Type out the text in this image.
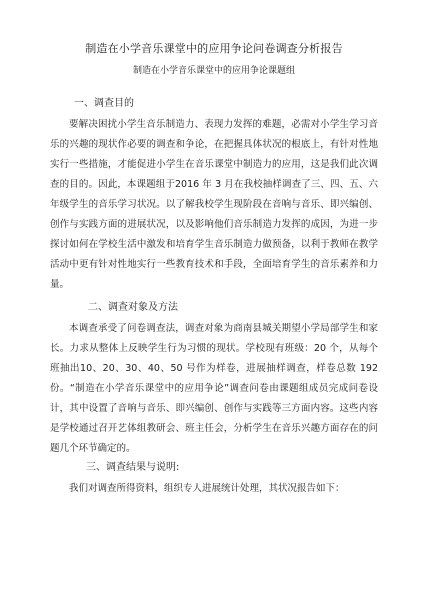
制造在小学音乐课堂中的应用争论问卷调查分析报告
制造在小学音乐课堂中的应用争论课题组
一、调查目的

要解决困扰小学生音乐制造力、表现力发挥的难题，必需对小学生学习音乐的兴趣的现状作必要的调查和争论，在把握具体状况的根底上，有针对性地实行一些措施，才能促进小学生在音乐课堂中制造力的应用，这是我们此次调查的目的。因此，本课题组于2016 年 3 月在我校抽样调查了三、四、五、六年级学生的音乐学习状况。以了解我校学生现阶段在音响与音乐、即兴编创、创作与实践方面的进展状况，以及影响他们音乐制造力发挥的成因，为进一步探讨如何在学校生活中激发和培育学生音乐制造力做预备，以利于教师在教学活动中更有针对性地实行一些教育技术和手段，全面培育学生的音乐素养和力量。

二、调查对象及方法

本调查承受了问卷调查法，调查对象为商南县城关期望小学局部学生和家长。力求从整体上反映学生行为习惯的现状。学校现有班级：20 个，从每个班抽出10、20、30、40、50 号作为样卷，进展抽样调查，样卷总数 192 份。“制造在小学音乐课堂中的应用争论”调查问卷由课题组成员完成问卷设计，其中设置了音响与音乐、即兴编创、创作与实践等三方面内容。这些内容是学校通过召开艺体组教研会、班主任会，分析学生在音乐兴趣方面存在的问题几个环节确定的。

三、调查结果与说明:

我们对调查所得资料，组织专人进展统计处理，其状况报告如下：
